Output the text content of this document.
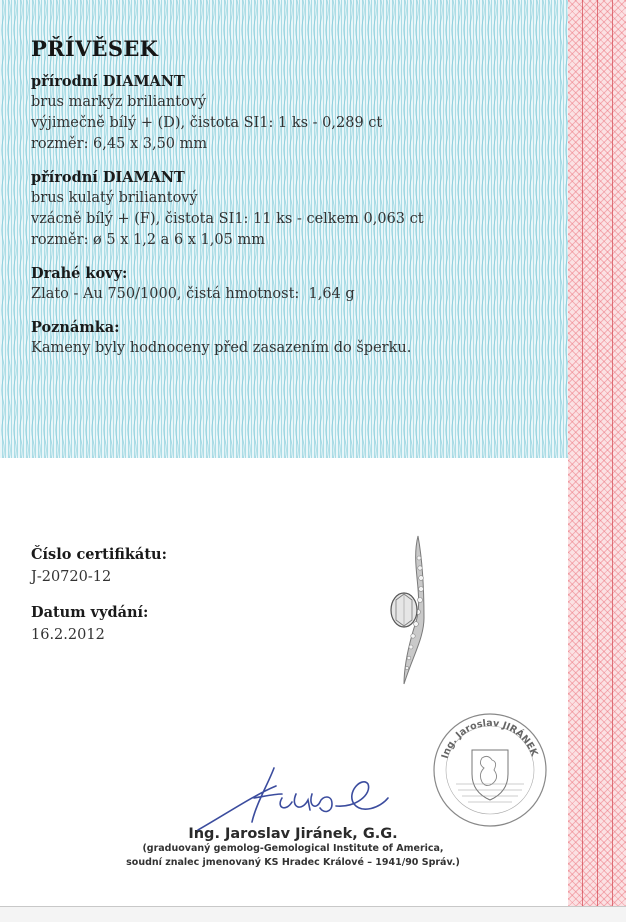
PŘÍVĚSEK
přírodní DIAMANT
brus markýz briliantový
výjimečně bílý + (D), čistota SI1: 1 ks - 0,289 ct
rozměr: 6,45 x 3,50 mm
přírodní DIAMANT
brus kulatý briliantový
vzácně bílý + (F), čistota SI1: 11 ks - celkem 0,063 ct
rozměr: ø 5 x 1,2 a 6 x 1,05 mm
Drahé kovy:
Zlato - Au 750/1000, čistá hmotnost:  1,64 g
Poznámka:
Kameny byly hodnoceny před zasazením do šperku.
Číslo certifikátu:
J-20720-12
Datum vydání:
16.2.2012
Ing. Jaroslav JIRÁNEK
Ing. Jaroslav Jiránek, G.G.
(graduovaný gemolog-Gemological Institute of America,
soudní znalec jmenovaný KS Hradec Králové – 1941/90 Správ.)
